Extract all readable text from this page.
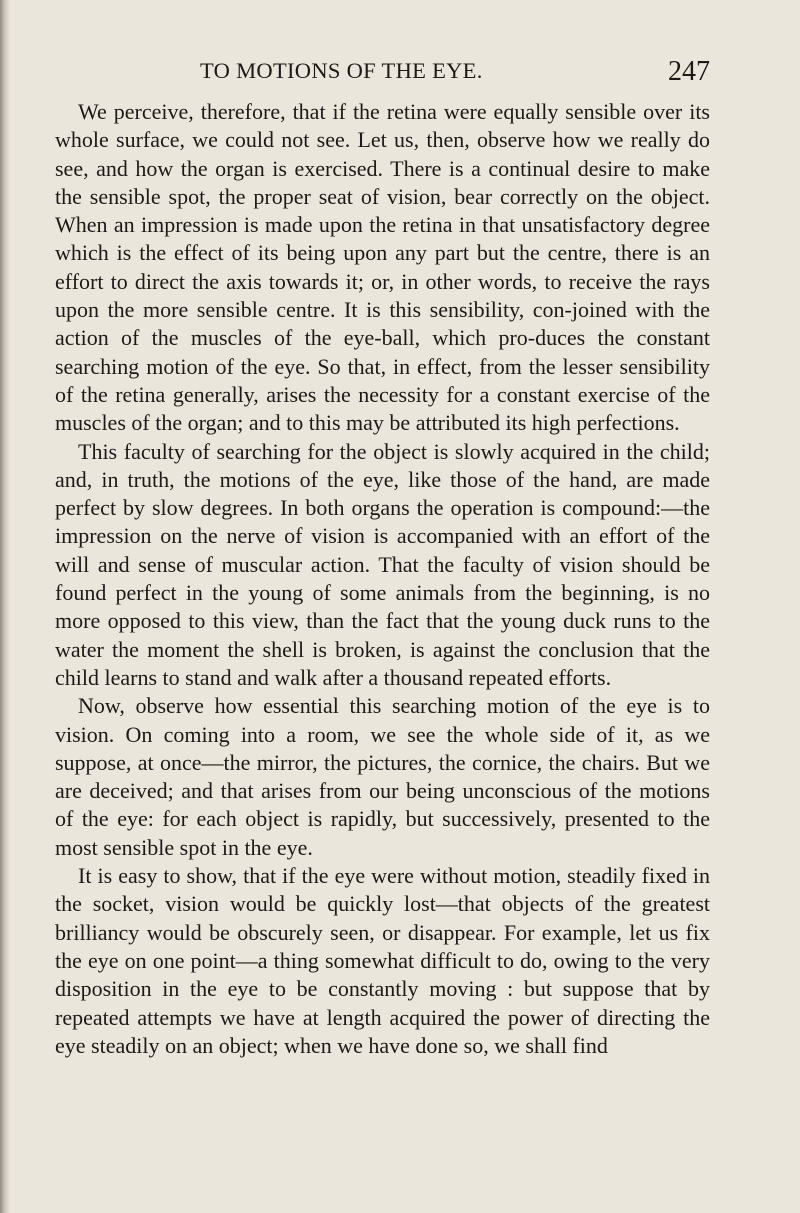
TO MOTIONS OF THE EYE.	247

We perceive, therefore, that if the retina were equally sensible over its whole surface, we could not see. Let us, then, observe how we really do see, and how the organ is exercised. There is a continual desire to make the sensible spot, the proper seat of vision, bear correctly on the object. When an impression is made upon the retina in that unsatisfactory degree which is the effect of its being upon any part but the centre, there is an effort to direct the axis towards it; or, in other words, to receive the rays upon the more sensible centre. It is this sensibility, con-joined with the action of the muscles of the eye-ball, which pro-duces the constant searching motion of the eye. So that, in effect, from the lesser sensibility of the retina generally, arises the necessity for a constant exercise of the muscles of the organ; and to this may be attributed its high perfections.

This faculty of searching for the object is slowly acquired in the child; and, in truth, the motions of the eye, like those of the hand, are made perfect by slow degrees. In both organs the operation is compound:—the impression on the nerve of vision is accompanied with an effort of the will and sense of muscular action. That the faculty of vision should be found perfect in the young of some animals from the beginning, is no more opposed to this view, than the fact that the young duck runs to the water the moment the shell is broken, is against the conclusion that the child learns to stand and walk after a thousand repeated efforts.

Now, observe how essential this searching motion of the eye is to vision. On coming into a room, we see the whole side of it, as we suppose, at once—the mirror, the pictures, the cornice, the chairs. But we are deceived; and that arises from our being unconscious of the motions of the eye: for each object is rapidly, but successively, presented to the most sensible spot in the eye.

It is easy to show, that if the eye were without motion, steadily fixed in the socket, vision would be quickly lost—that objects of the greatest brilliancy would be obscurely seen, or disappear. For example, let us fix the eye on one point—a thing somewhat difficult to do, owing to the very disposition in the eye to be constantly moving : but suppose that by repeated attempts we have at length acquired the power of directing the eye steadily on an object; when we have done so, we shall find
